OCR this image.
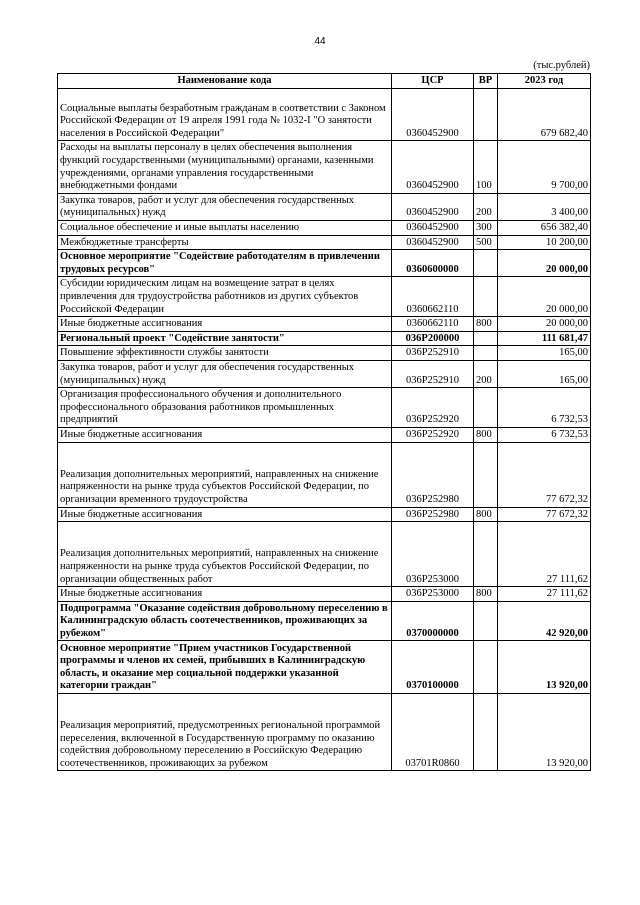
44
(тыс.рублей)
Наименование кода	ЦСР	ВР	2023 год
Социальные выплаты безработным гражданам в соответствии с Законом Российской Федерации от 19 апреля 1991 года № 1032-I "О занятости населения в Российской Федерации"	0360452900		679 682,40
Расходы на выплаты персоналу в целях обеспечения выполнения функций государственными (муниципальными) органами, казенными учреждениями, органами управления государственными внебюджетными фондами	0360452900	100	9 700,00
Закупка товаров, работ и услуг для обеспечения государственных (муниципальных) нужд	0360452900	200	3 400,00
Социальное обеспечение и иные выплаты населению	0360452900	300	656 382,40
Межбюджетные трансферты	0360452900	500	10 200,00
Основное мероприятие "Содействие работодателям в привлечении трудовых ресурсов"	0360600000		20 000,00
Субсидии юридическим лицам на возмещение затрат в целях привлечения для трудоустройства работников из других субъектов Российской Федерации	0360662110		20 000,00
Иные бюджетные ассигнования	0360662110	800	20 000,00
Региональный проект "Содействие занятости"	036P200000		111 681,47
Повышение эффективности службы занятости	036P252910		165,00
Закупка товаров, работ и услуг для обеспечения государственных (муниципальных) нужд	036P252910	200	165,00
Организация профессионального обучения и дополнительного профессионального образования работников промышленных предприятий	036P252920		6 732,53
Иные бюджетные ассигнования	036P252920	800	6 732,53
Реализация дополнительных мероприятий, направленных на снижение напряженности на рынке труда субъектов Российской Федерации, по организации временного трудоустройства	036P252980		77 672,32
Иные бюджетные ассигнования	036P252980	800	77 672,32
Реализация дополнительных мероприятий, направленных на снижение напряженности на рынке труда субъектов Российской Федерации, по организации общественных работ	036P253000		27 111,62
Иные бюджетные ассигнования	036P253000	800	27 111,62
Подпрограмма "Оказание содействия добровольному переселению в Калининградскую область соотечественников, проживающих за рубежом"	0370000000		42 920,00
Основное мероприятие "Прием участников Государственной программы и членов их семей, прибывших в Калининградскую область, и оказание мер социальной поддержки указанной категории граждан"	0370100000		13 920,00
Реализация мероприятий, предусмотренных региональной программой переселения, включенной в Государственную программу по оказанию содействия добровольному переселению в Российскую Федерацию соотечественников, проживающих за рубежом	03701R0860		13 920,00
